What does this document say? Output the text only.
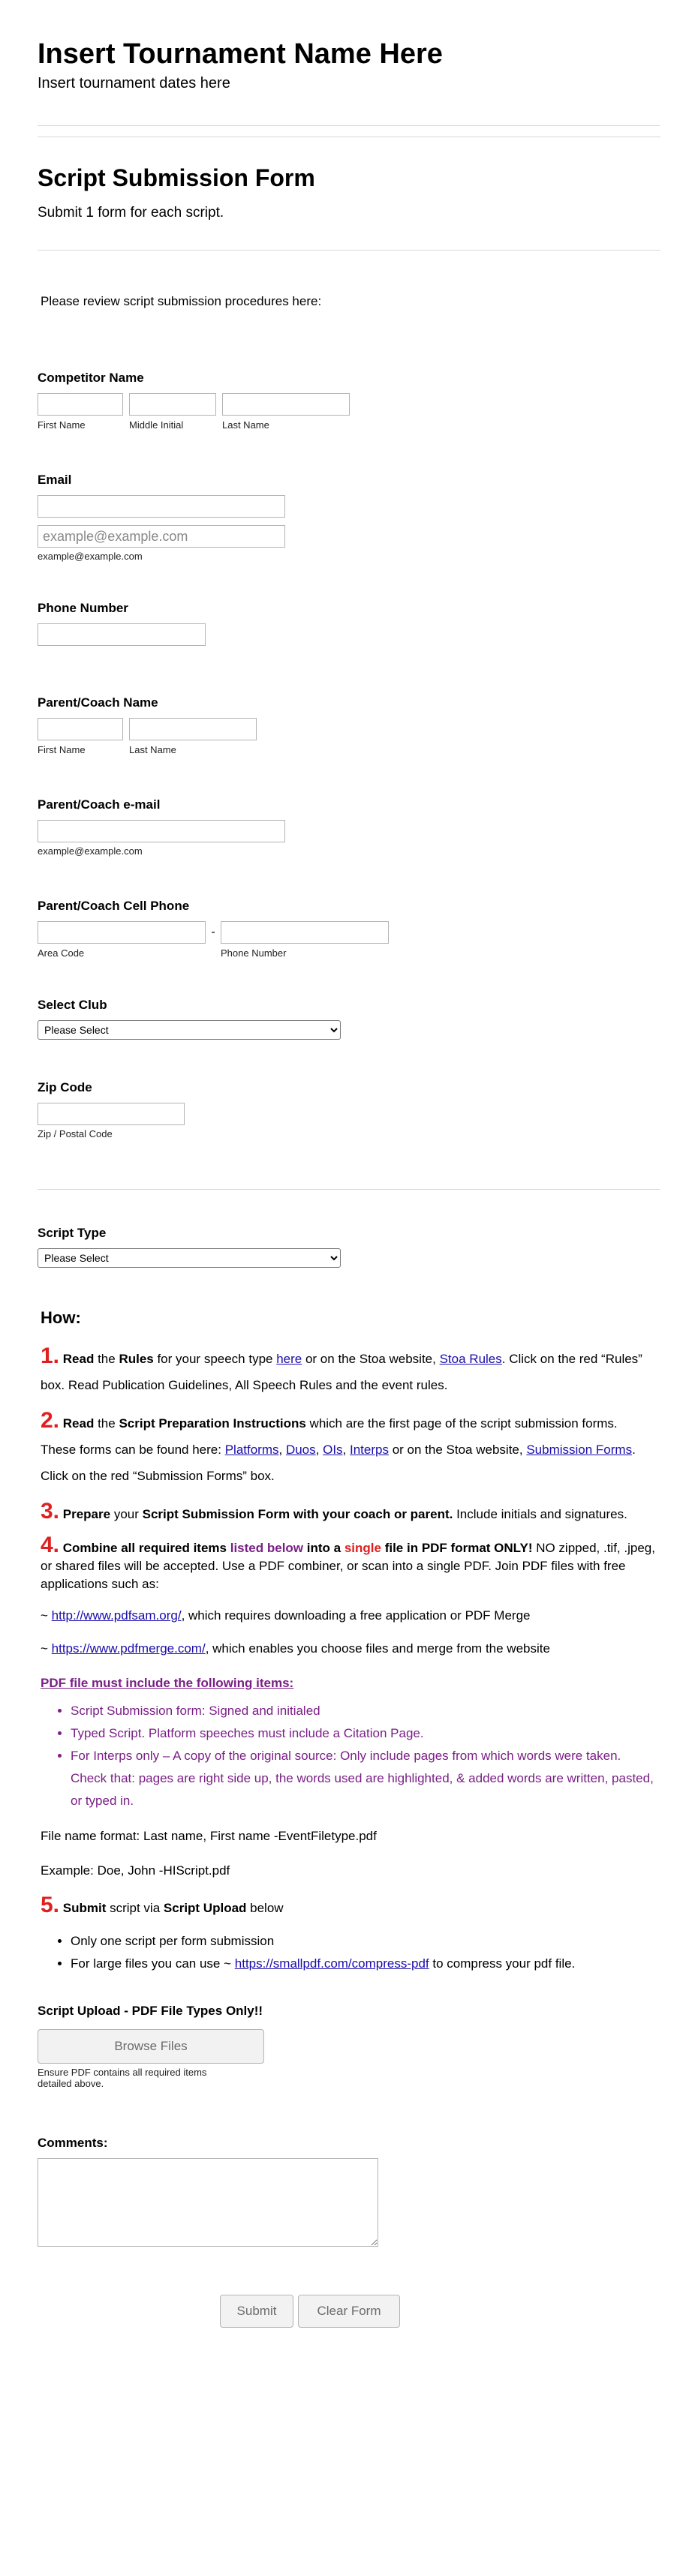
Insert Tournament Name Here
Insert tournament dates here
Script Submission Form
Submit 1 form for each script.
Please review script submission procedures here:
Competitor Name
First Name	Middle Initial	Last Name
Email
example@example.com
example@example.com
Phone Number
Parent/Coach Name
First Name	Last Name
Parent/Coach e-mail
example@example.com
Parent/Coach Cell Phone
Area Code
-
Phone Number
Select Club
Please Select
Zip Code
Zip / Postal Code
Script Type
Please Select
How:
1. Read the Rules for your speech type here or on the Stoa website, Stoa Rules. Click on the red “Rules” box. Read Publication Guidelines, All Speech Rules and the event rules.
2. Read the Script Preparation Instructions which are the first page of the script submission forms. These forms can be found here: Platforms, Duos, OIs, Interps or on the Stoa website, Submission Forms. Click on the red “Submission Forms” box.
3. Prepare your Script Submission Form with your coach or parent. Include initials and signatures.
4. Combine all required items listed below into a single file in PDF format ONLY! NO zipped, .tif, .jpeg, or shared files will be accepted. Use a PDF combiner, or scan into a single PDF. Join PDF files with free applications such as:
~ http://www.pdfsam.org/, which requires downloading a free application or PDF Merge
~ https://www.pdfmerge.com/, which enables you choose files and merge from the website
PDF file must include the following items:
• Script Submission form: Signed and initialed
• Typed Script. Platform speeches must include a Citation Page.
• For Interps only – A copy of the original source: Only include pages from which words were taken. Check that: pages are right side up, the words used are highlighted, & added words are written, pasted, or typed in.
File name format: Last name, First name -EventFiletype.pdf
Example: Doe, John -HIScript.pdf
5. Submit script via Script Upload below
• Only one script per form submission
• For large files you can use ~ https://smallpdf.com/compress-pdf to compress your pdf file.
Script Upload - PDF File Types Only!!
Browse Files
Ensure PDF contains all required items detailed above.
Comments:
Submit	Clear Form
